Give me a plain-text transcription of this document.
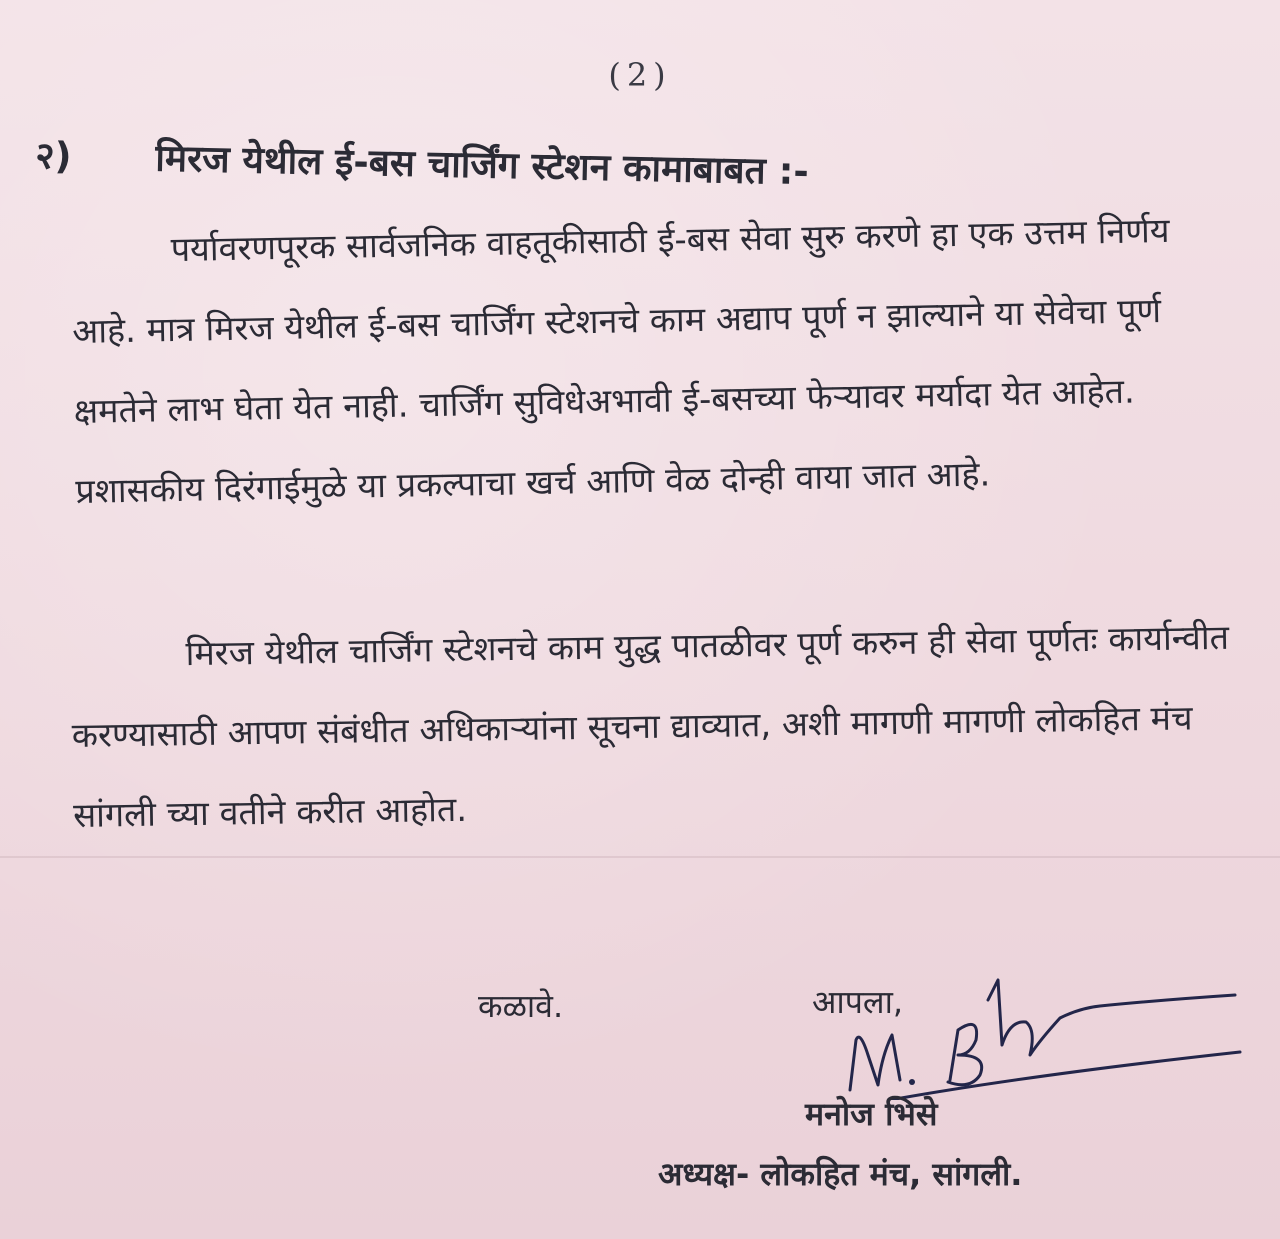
(2)
२) मिरज येथील ई-बस चार्जिंग स्टेशन कामाबाबत :-
पर्यावरणपूरक सार्वजनिक वाहतूकीसाठी ई-बस सेवा सुरु करणे हा एक उत्तम निर्णय आहे. मात्र मिरज येथील ई-बस चार्जिंग स्टेशनचे काम अद्याप पूर्ण न झाल्याने या सेवेचा पूर्ण क्षमतेने लाभ घेता येत नाही. चार्जिंग सुविधेअभावी ई-बसच्या फेऱ्यावर मर्यादा येत आहेत. प्रशासकीय दिरंगाईमुळे या प्रकल्पाचा खर्च आणि वेळ दोन्ही वाया जात आहे.
मिरज येथील चार्जिंग स्टेशनचे काम युद्ध पातळीवर पूर्ण करुन ही सेवा पूर्णतः कार्यान्वीत करण्यासाठी आपण संबंधीत अधिकाऱ्यांना सूचना द्याव्यात, अशी मागणी मागणी लोकहित मंच सांगली च्या वतीने करीत आहोत.
कळावे.	आपला,
मनोज भिसे
अध्यक्ष- लोकहित मंच, सांगली.
